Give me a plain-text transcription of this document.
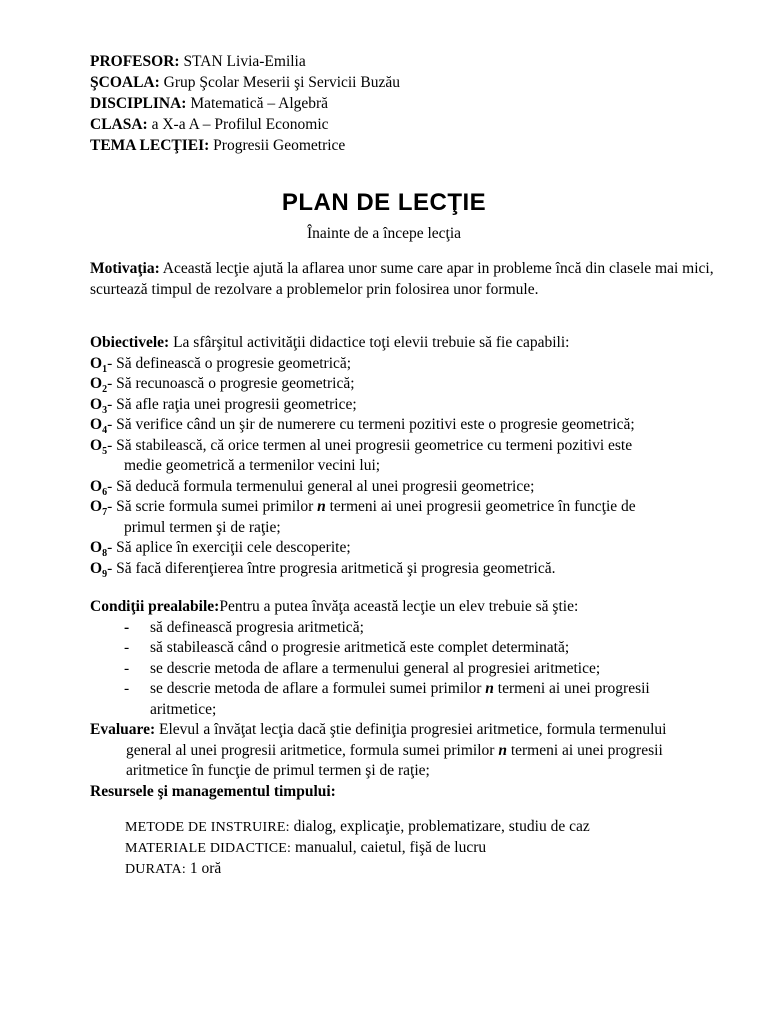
PROFESOR: STAN Livia-Emilia
ŞCOALA: Grup Şcolar Meserii şi Servicii Buzău
DISCIPLINA: Matematică – Algebră
CLASA: a X-a A – Profilul Economic
TEMA LECŢIEI: Progresii Geometrice
PLAN DE LECŢIE
Înainte de a începe lecţia

Motivaţia: Această lecţie ajută la aflarea unor sume care apar in probleme încă din clasele mai mici, scurtează timpul de rezolvare a problemelor prin folosirea unor formule.

Obiectivele: La sfârşitul activităţii didactice toţi elevii trebuie să fie capabili:

$O_1-$ Să definească o progresie geometrică;
$O_2-$ Să recunoască o progresie geometrică;
$O_3-$ Să afle raţia unei progresii geometrice;
$O_4-$ Să verifice când un şir de numerere cu termeni pozitivi este o progresie geometrică;
$O_5-$ Să stabilească, că orice termen al unei progresii geometrice cu termeni pozitivi este
medie geometrică a termenilor vecini lui;
$O_6-$ Să deducă formula termenului general al unei progresii geometrice;
$O_7-$ Să scrie formula sumei primilor n termeni ai unei progresii geometrice în funcţie de
primul termen şi de raţie;
$O_8-$ Să aplice în exerciţii cele descoperite;
$O_9-$ Să facă diferenţierea între progresia aritmetică şi progresia geometrică.

Condiţii prealabile:Pentru a putea învăţa această lecţie un elev trebuie să ştie:

-	să definească progresia aritmetică;
-	să stabilească când o progresie aritmetică este complet determinată;
-	se descrie metoda de aflare a termenului general al progresiei aritmetice;
-	se descrie metoda de aflare a formulei sumei primilor n termeni ai unei progresii aritmetice;

Evaluare: Elevul a învăţat lecţia dacă ştie definiţia progresiei aritmetice, formula termenului general al unei progresii aritmetice, formula sumei primilor n termeni ai unei progresii aritmetice în funcţie de primul termen şi de raţie;

Resursele şi managementul timpului:

METODE DE INSTRUIRE: dialog, explicaţie, problematizare, studiu de caz
MATERIALE DIDACTICE: manualul, caietul, fişă de lucru
DURATA: 1 oră
